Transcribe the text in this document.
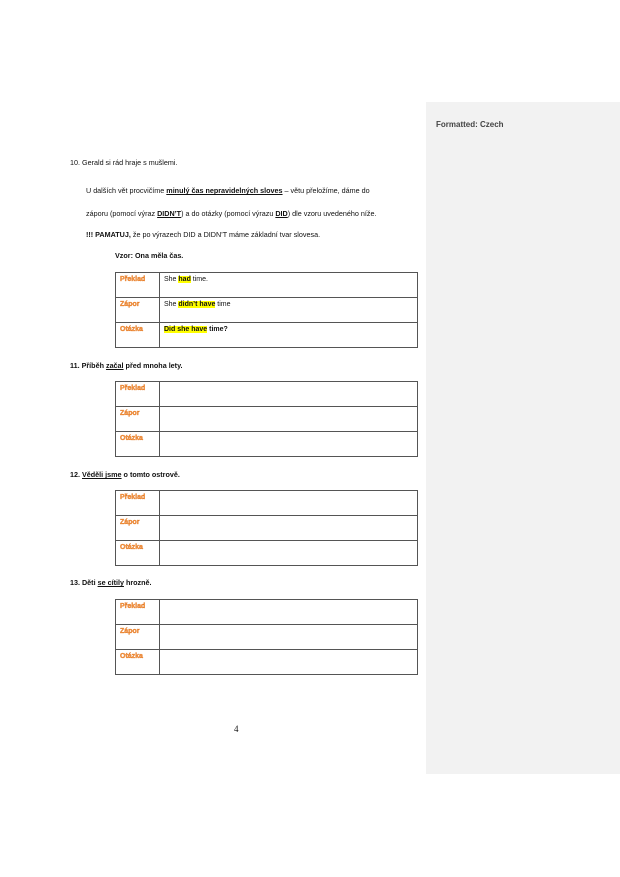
Formatted: Czech
10. Gerald si rád hraje s mušlemi.
U dalších vět procvičíme minulý čas nepravidelných sloves – větu přeložíme, dáme do
záporu (pomocí výraz DIDN’T) a do otázky (pomocí výrazu DID) dle vzoru uvedeného níže.
!!! PAMATUJ, že po výrazech DID a DIDN’T máme základní tvar slovesa.
Vzor: Ona měla čas.
Překlad	She had time.
Zápor	She didn’t have time
Otázka	Did she have time?
11. Příběh začal před mnoha lety.
Překlad	
Zápor	
Otázka	
12. Věděli jsme o tomto ostrově.
Překlad	
Zápor	
Otázka	
13. Děti se cítily hrozně.
Překlad	
Zápor	
Otázka	
4
